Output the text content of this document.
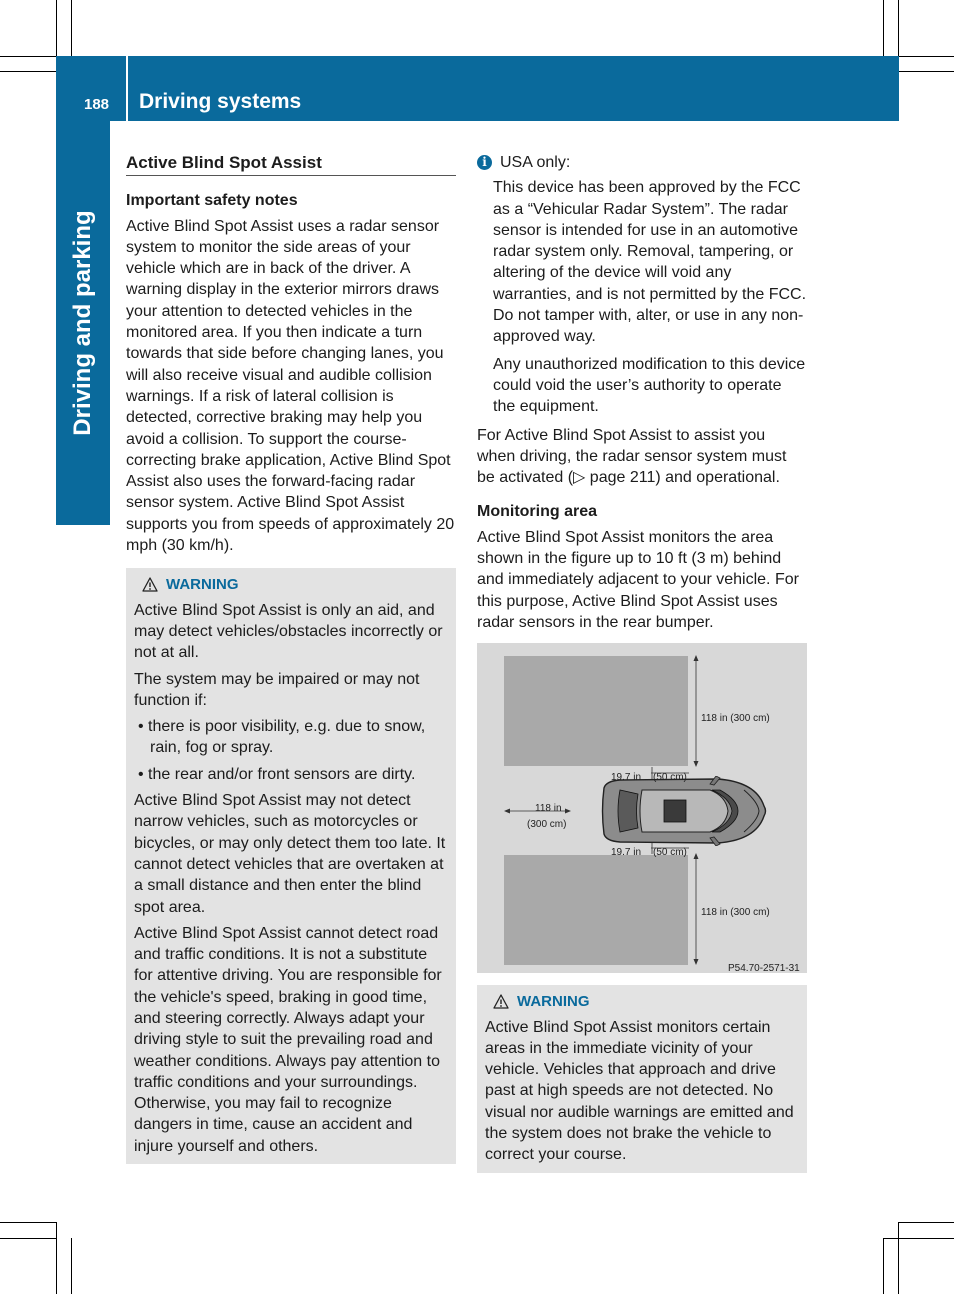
188 Driving systems
Driving and parking
Active Blind Spot Assist
Important safety notes

Active Blind Spot Assist uses a radar sensor system to monitor the side areas of your vehicle which are in back of the driver. A warning display in the exterior mirrors draws your attention to detected vehicles in the monitored area. If you then indicate a turn towards that side before changing lanes, you will also receive visual and audible collision warnings. If a risk of lateral collision is detected, corrective braking may help you avoid a collision. To support the course-correcting brake application, Active Blind Spot Assist also uses the forward-facing radar sensor system. Active Blind Spot Assist supports you from speeds of approximately 20 mph (30 km/h).

WARNING

Active Blind Spot Assist is only an aid, and may detect vehicles/obstacles incorrectly or not at all.

The system may be impaired or may not function if:

• there is poor visibility, e.g. due to snow, rain, fog or spray.

• the rear and/or front sensors are dirty.

Active Blind Spot Assist may not detect narrow vehicles, such as motorcycles or bicycles, or may only detect them too late. It cannot detect vehicles that are overtaken at a small distance and then enter the blind spot area.

Active Blind Spot Assist cannot detect road and traffic conditions. It is not a substitute for attentive driving. You are responsible for the vehicle's speed, braking in good time, and steering correctly. Always adapt your driving style to suit the prevailing road and weather conditions. Always pay attention to traffic conditions and your surroundings. Otherwise, you may fail to recognize dangers in time, cause an accident and injure yourself and others.

i USA only:

This device has been approved by the FCC as a “Vehicular Radar System”. The radar sensor is intended for use in an automotive radar system only. Removal, tampering, or altering of the device will void any warranties, and is not permitted by the FCC. Do not tamper with, alter, or use in any non-approved way.

Any unauthorized modification to this device could void the user’s authority to operate the equipment.

For Active Blind Spot Assist to assist you when driving, the radar sensor system must be activated (▷ page 211) and operational.

Monitoring area

Active Blind Spot Assist monitors the area shown in the figure up to 10 ft (3 m) behind and immediately adjacent to your vehicle. For this purpose, Active Blind Spot Assist uses radar sensors in the rear bumper.

118 in (300 cm)
118 in (300 cm)
19.7 in (50 cm)
19.7 in (50 cm)
118 in
(300 cm)
P54.70-2571-31
WARNING

Active Blind Spot Assist monitors certain areas in the immediate vicinity of your vehicle. Vehicles that approach and drive past at high speeds are not detected. No visual nor audible warnings are emitted and the system does not brake the vehicle to correct your course.
